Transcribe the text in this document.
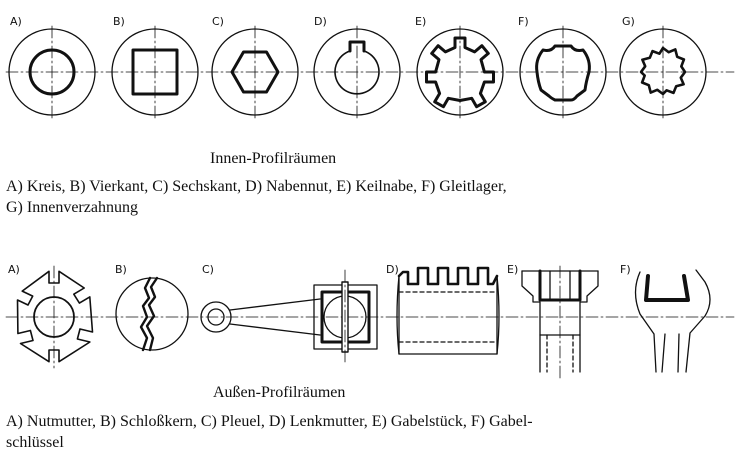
A)	B)	C)	D)	E)	F)	G)
Innen-Profilräumen
A) Kreis, B) Vierkant, C) Sechskant, D) Nabennut, E) Keilnabe, F) Gleitlager,
G) Innenverzahnung
A)	B)	C)	D)	E)	F)
Außen-Profilräumen
A) Nutmutter, B) Schloßkern, C) Pleuel, D) Lenkmutter, E) Gabelstück, F) Gabel-
schlüssel
